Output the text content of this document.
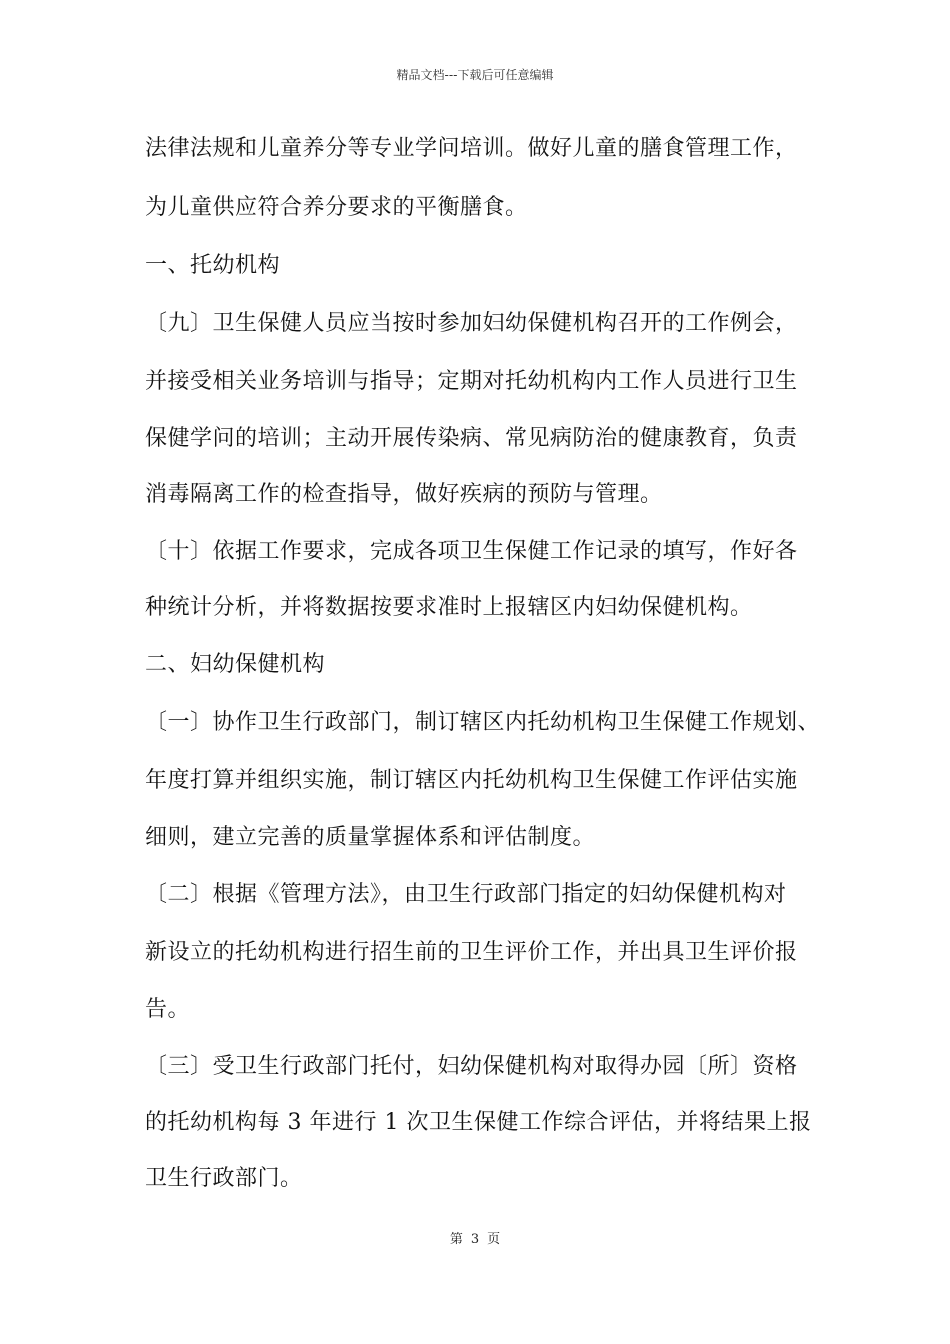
精品文档---下载后可任意编辑
法律法规和儿童养分等专业学问培训。做好儿童的膳食管理工作，
为儿童供应符合养分要求的平衡膳食。
一、托幼机构
〔九〕卫生保健人员应当按时参加妇幼保健机构召开的工作例会，
并接受相关业务培训与指导；定期对托幼机构内工作人员进行卫生
保健学问的培训；主动开展传染病、常见病防治的健康教育，负责
消毒隔离工作的检查指导，做好疾病的预防与管理。
〔十〕依据工作要求，完成各项卫生保健工作记录的填写，作好各
种统计分析，并将数据按要求准时上报辖区内妇幼保健机构。
二、妇幼保健机构
〔一〕协作卫生行政部门，制订辖区内托幼机构卫生保健工作规划、
年度打算并组织实施，制订辖区内托幼机构卫生保健工作评估实施
细则，建立完善的质量掌握体系和评估制度。
〔二〕根据《管理方法》，由卫生行政部门指定的妇幼保健机构对
新设立的托幼机构进行招生前的卫生评价工作，并出具卫生评价报
告。
〔三〕受卫生行政部门托付，妇幼保健机构对取得办园〔所〕资格
的托幼机构每 3 年进行 1 次卫生保健工作综合评估，并将结果上报
卫生行政部门。
第 3 页
